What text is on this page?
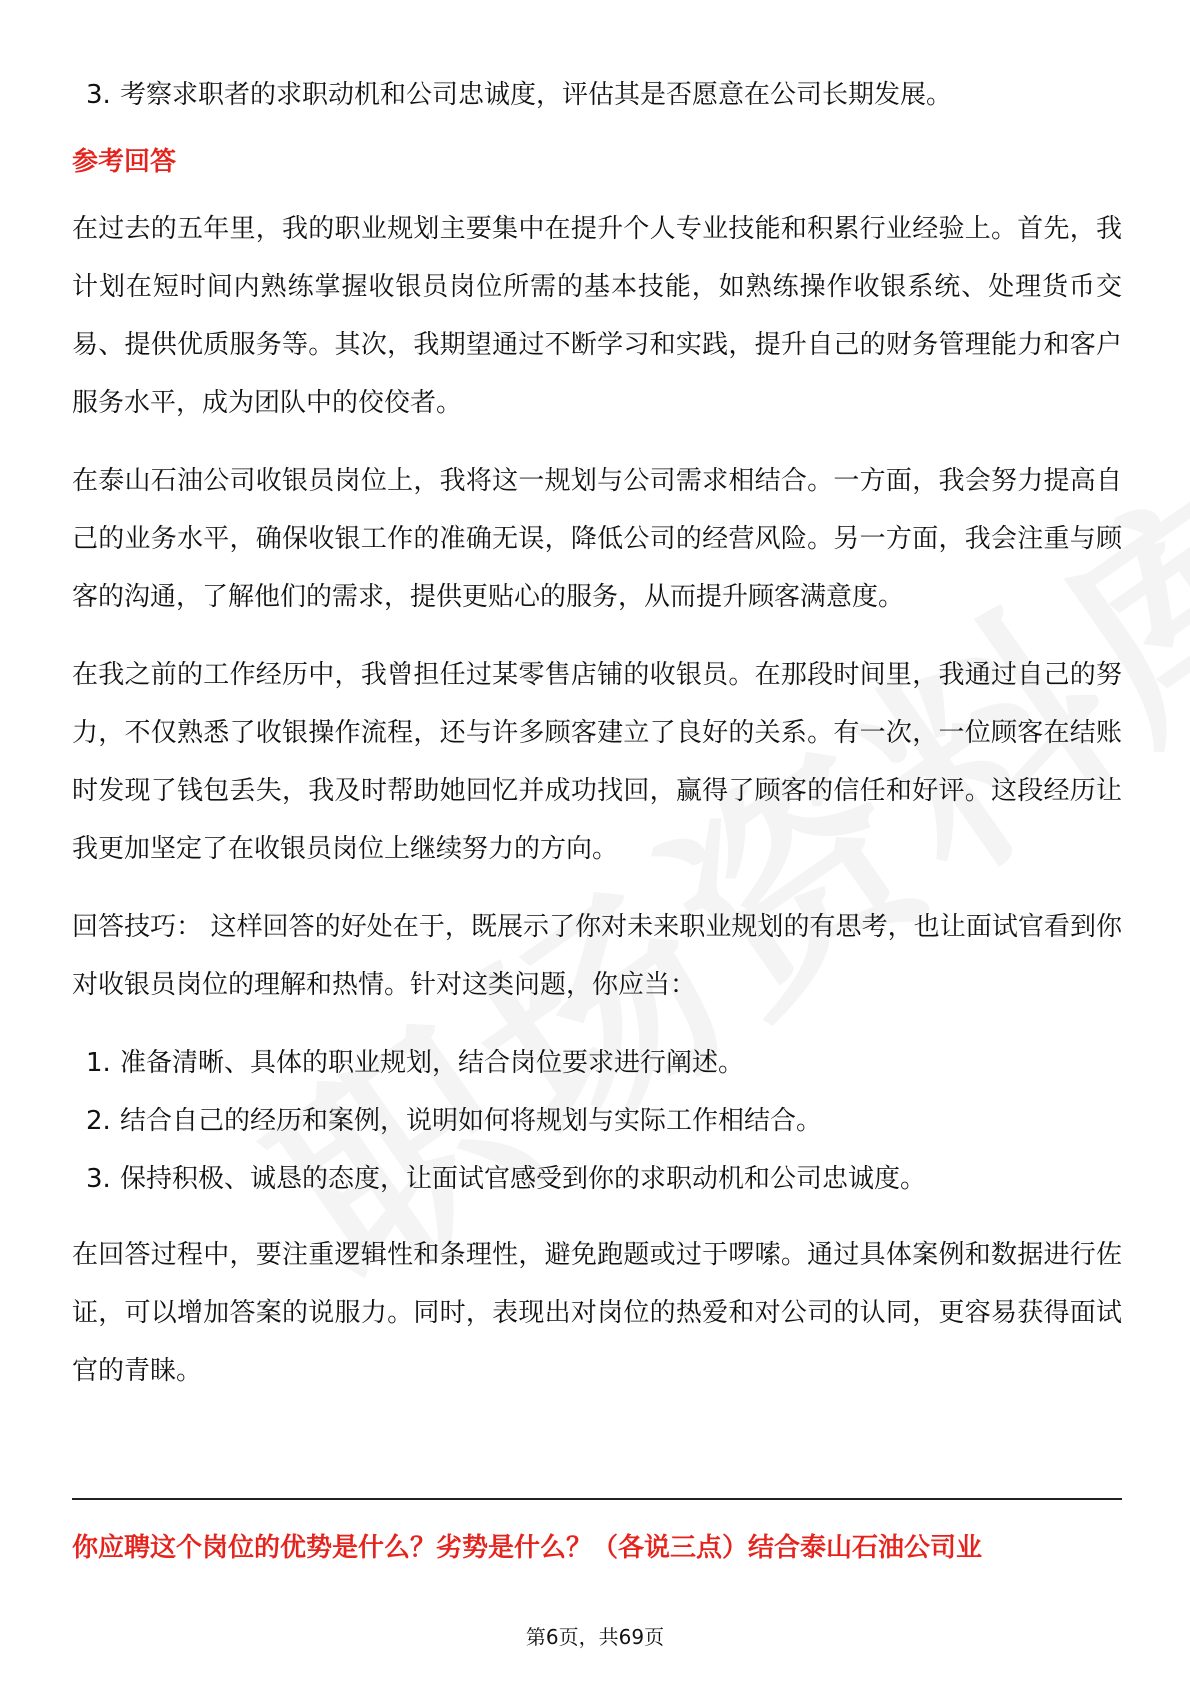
3. 考察求职者的求职动机和公司忠诚度，评估其是否愿意在公司长期发展。
参考回答

在过去的五年里，我的职业规划主要集中在提升个人专业技能和积累行业经验上。首先，我计划在短时间内熟练掌握收银员岗位所需的基本技能，如熟练操作收银系统、处理货币交易、提供优质服务等。其次，我期望通过不断学习和实践，提升自己的财务管理能力和客户服务水平，成为团队中的佼佼者。

在泰山石油公司收银员岗位上，我将这一规划与公司需求相结合。一方面，我会努力提高自己的业务水平，确保收银工作的准确无误，降低公司的经营风险。另一方面，我会注重与顾客的沟通，了解他们的需求，提供更贴心的服务，从而提升顾客满意度。

在我之前的工作经历中，我曾担任过某零售店铺的收银员。在那段时间里，我通过自己的努力，不仅熟悉了收银操作流程，还与许多顾客建立了良好的关系。有一次，一位顾客在结账时发现了钱包丢失，我及时帮助她回忆并成功找回，赢得了顾客的信任和好评。这段经历让我更加坚定了在收银员岗位上继续努力的方向。

回答技巧： 这样回答的好处在于，既展示了你对未来职业规划的有思考，也让面试官看到你对收银员岗位的理解和热情。针对这类问题，你应当：

1. 准备清晰、具体的职业规划，结合岗位要求进行阐述。
2. 结合自己的经历和案例，说明如何将规划与实际工作相结合。
3. 保持积极、诚恳的态度，让面试官感受到你的求职动机和公司忠诚度。

在回答过程中，要注重逻辑性和条理性，避免跑题或过于啰嗦。通过具体案例和数据进行佐证，可以增加答案的说服力。同时，表现出对岗位的热爱和对公司的认同，更容易获得面试官的青睐。

你应聘这个岗位的优势是什么？劣势是什么？（各说三点）结合泰山石油公司业
第6页，共69页
